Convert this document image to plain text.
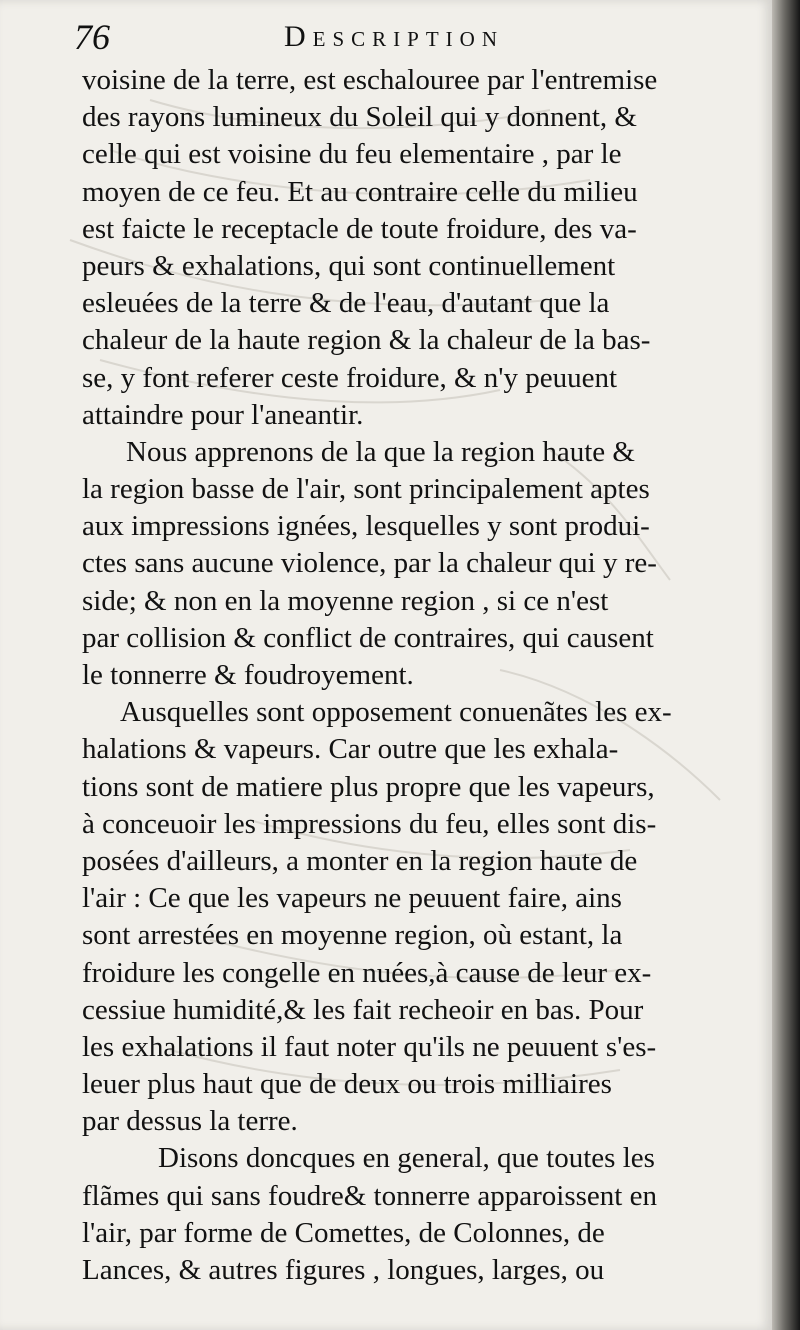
76	Description
voisine de la terre, est eschaloureе par l'entremise
des rayons lumineux du Soleil qui y donnent, &
celle qui est voisine du feu elementaire , par le
moyen de ce feu. Et au contraire celle du milieu
est faicte le receptacle de toute froidure, des va-
peurs & exhalations, qui sont continuellement
esleuées de la terre & de l'eau, d'autant que la
chaleur de la haute region & la chaleur de la bas-
se, y font referer ceste froidure, & n'y peuuent
attaindre pour l'aneantir.
Nous apprenons de la que la region haute &
la region basse de l'air, sont principalement aptes
aux impressions ignées, lesquelles y sont produi-
ctes sans aucune violence, par la chaleur qui y re-
side; & non en la moyenne region , si ce n'est
par collision & conflict de contraires, qui causent
le tonnerre & foudroyement.
Ausquelles sont opposement conuenãtes les ex-
halations & vapeurs. Car outre que les exhala-
tions sont de matiere plus propre que les vapeurs,
à conceuoir les impressions du feu, elles sont dis-
posées d'ailleurs, a monter en la region haute de
l'air : Ce que les vapeurs ne peuuent faire, ains
sont arrestées en moyenne region, où estant, la
froidure les congelle en nuées,à cause de leur ex-
cessiue humidité,& les fait recheoir en bas. Pour
les exhalations il faut noter qu'ils ne peuuent s'es-
leuer plus haut que de deux ou trois milliaires
par dessus la terre.
Disons doncques en general, que toutes les
flãmes qui sans foudre& tonnerre apparoissent en
l'air, par forme de Comettes, de Colonnes, de
Lances, & autres figures , longues, larges, ou
